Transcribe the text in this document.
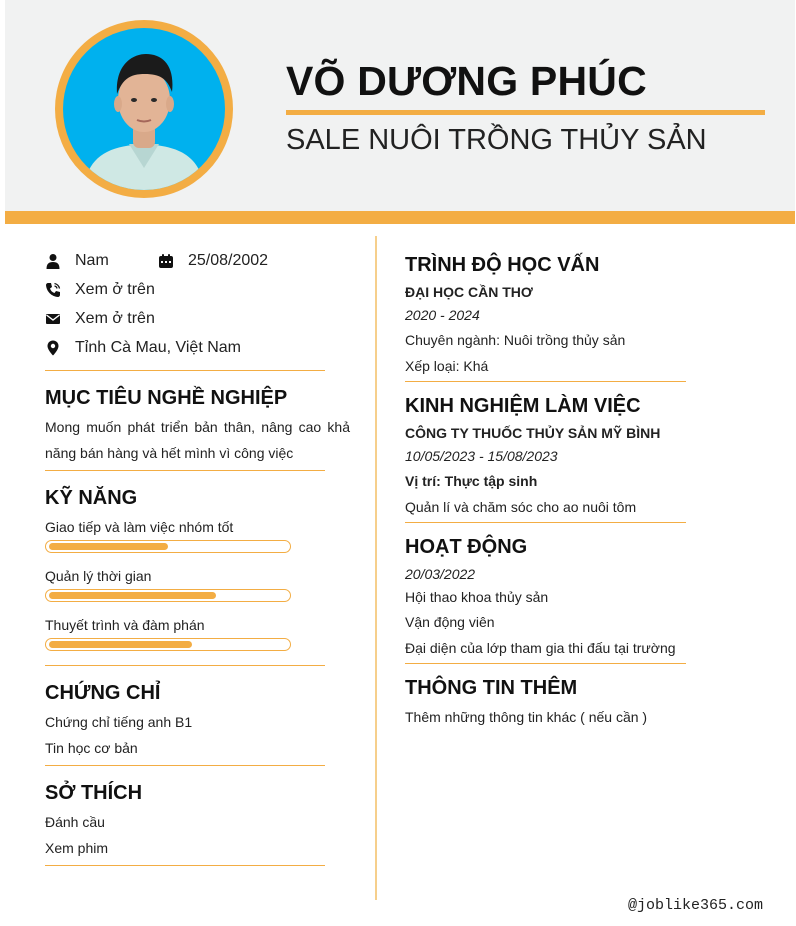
VÕ DƯƠNG PHÚC
SALE NUÔI TRỒNG THỦY SẢN
Nam	25/08/2002
Xem ở trên
Xem ở trên
Tỉnh Cà Mau, Việt Nam
MỤC TIÊU NGHỀ NGHIỆP
Mong muốn phát triển bản thân, nâng cao khả năng bán hàng và hết mình vì công việc
KỸ NĂNG
Giao tiếp và làm việc nhóm tốt
Quản lý thời gian
Thuyết trình và đàm phán
CHỨNG CHỈ
Chứng chỉ tiếng anh B1
Tin học cơ bản
SỞ THÍCH
Đánh cầu
Xem phim
TRÌNH ĐỘ HỌC VẤN
ĐẠI HỌC CẦN THƠ
2020 - 2024
Chuyên ngành: Nuôi trồng thủy sản
Xếp loại: Khá
KINH NGHIỆM LÀM VIỆC
CÔNG TY THUỐC THỦY SẢN MỸ BÌNH
10/05/2023 - 15/08/2023
Vị trí: Thực tập sinh
Quản lí và chăm sóc cho ao nuôi tôm
HOẠT ĐỘNG
20/03/2022
Hội thao khoa thủy sản
Vận động viên
Đại diện của lớp tham gia thi đấu tại trường
THÔNG TIN THÊM
Thêm những thông tin khác ( nếu cần )
@joblike365.com
